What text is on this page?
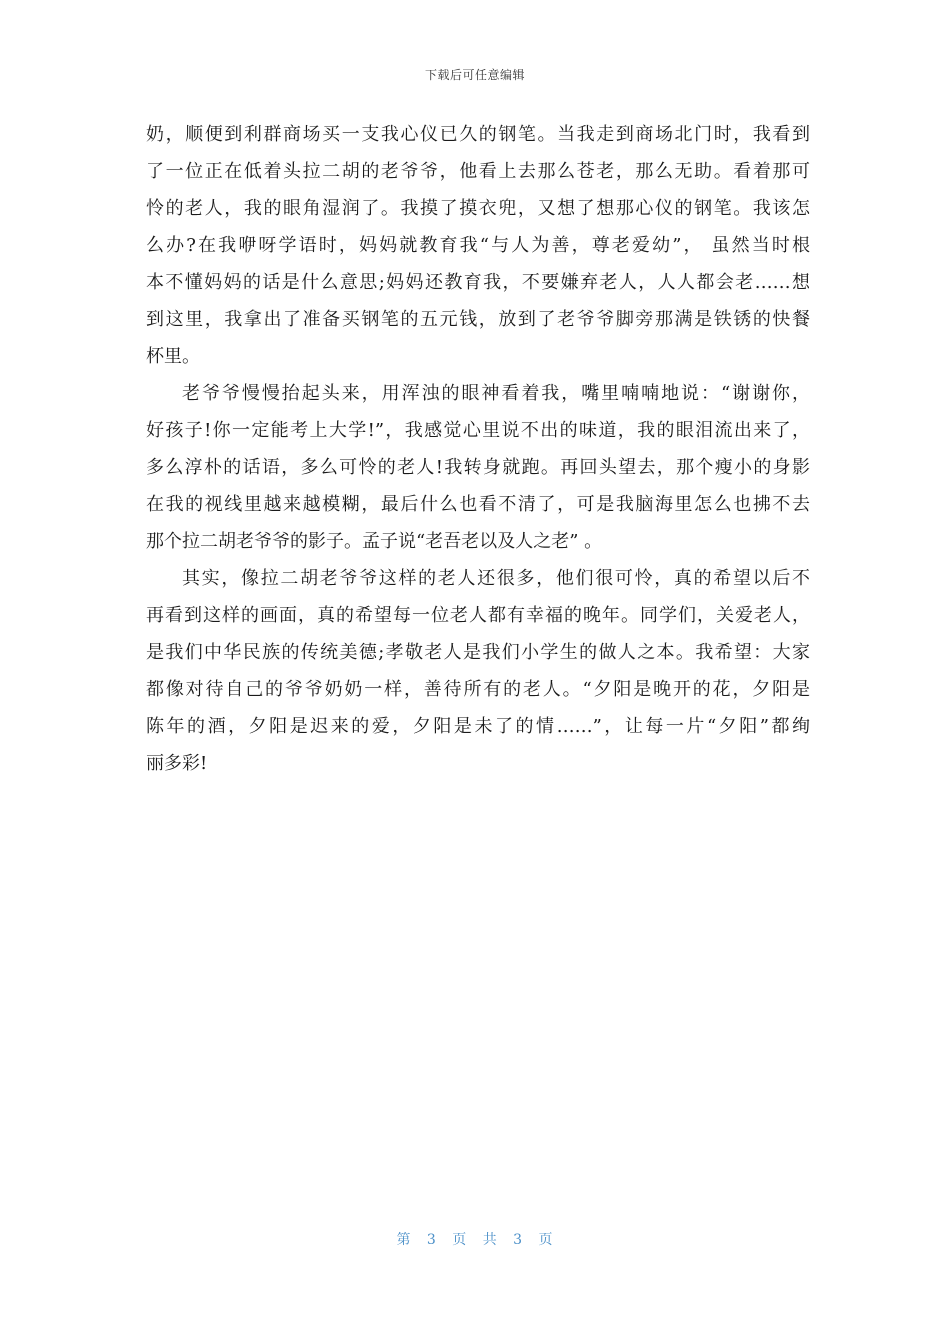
下载后可任意编辑
奶，顺便到利群商场买一支我心仪已久的钢笔。当我走到商场北门时，我看到
了一位正在低着头拉二胡的老爷爷，他看上去那么苍老，那么无助。看着那可
怜的老人，我的眼角湿润了。我摸了摸衣兜，又想了想那心仪的钢笔。我该怎
么办?在我咿呀学语时，妈妈就教育我“与人为善，尊老爱幼”， 虽然当时根
本不懂妈妈的话是什么意思;妈妈还教育我，不要嫌弃老人，人人都会老……想
到这里，我拿出了准备买钢笔的五元钱，放到了老爷爷脚旁那满是铁锈的快餐
杯里。
老爷爷慢慢抬起头来，用浑浊的眼神看着我，嘴里喃喃地说：“谢谢你，
好孩子!你一定能考上大学!”，我感觉心里说不出的味道，我的眼泪流出来了，
多么淳朴的话语，多么可怜的老人!我转身就跑。再回头望去，那个瘦小的身影
在我的视线里越来越模糊，最后什么也看不清了，可是我脑海里怎么也拂不去
那个拉二胡老爷爷的影子。孟子说“老吾老以及人之老” 。
其实，像拉二胡老爷爷这样的老人还很多，他们很可怜，真的希望以后不
再看到这样的画面，真的希望每一位老人都有幸福的晚年。同学们，关爱老人，
是我们中华民族的传统美德;孝敬老人是我们小学生的做人之本。我希望：大家
都像对待自己的爷爷奶奶一样，善待所有的老人。“夕阳是晚开的花，夕阳是
陈年的酒，夕阳是迟来的爱，夕阳是未了的情……”，让每一片“夕阳”都绚
丽多彩!
第 3 页 共 3 页
